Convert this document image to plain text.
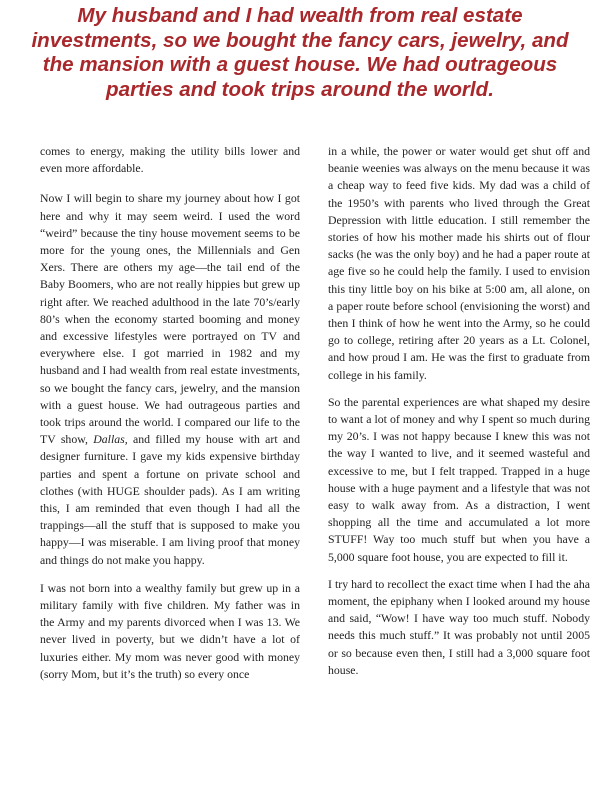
My husband and I had wealth from real estate investments, so we bought the fancy cars, jewelry, and the mansion with a guest house. We had outrageous parties and took trips around the world.

comes to energy, making the utility bills lower and even more affordable.

Now I will begin to share my journey about how I got here and why it may seem weird. I used the word “weird” because the tiny house movement seems to be more for the young ones, the Millennials and Gen Xers. There are others my age—the tail end of the Baby Boomers, who are not really hippies but grew up right after. We reached adulthood in the late 70’s/early 80’s when the economy started booming and money and excessive lifestyles were portrayed on TV and everywhere else. I got married in 1982 and my husband and I had wealth from real estate investments, so we bought the fancy cars, jewelry, and the mansion with a guest house. We had outrageous parties and took trips around the world. I compared our life to the TV show, Dallas, and filled my house with art and designer furniture. I gave my kids expensive birthday parties and spent a fortune on private school and clothes (with HUGE shoulder pads). As I am writing this, I am reminded that even though I had all the trappings—all the stuff that is supposed to make you happy—I was miserable. I am living proof that money and things do not make you happy.

I was not born into a wealthy family but grew up in a military family with five children. My father was in the Army and my parents divorced when I was 13. We never lived in poverty, but we didn’t have a lot of luxuries either. My mom was never good with money (sorry Mom, but it’s the truth) so every once

in a while, the power or water would get shut off and beanie weenies was always on the menu because it was a cheap way to feed five kids. My dad was a child of the 1950’s with parents who lived through the Great Depression with little education. I still remember the stories of how his mother made his shirts out of flour sacks (he was the only boy) and he had a paper route at age five so he could help the family. I used to envision this tiny little boy on his bike at 5:00 am, all alone, on a paper route before school (envisioning the worst) and then I think of how he went into the Army, so he could go to college, retiring after 20 years as a Lt. Colonel, and how proud I am. He was the first to graduate from college in his family.

So the parental experiences are what shaped my desire to want a lot of money and why I spent so much during my 20’s. I was not happy because I knew this was not the way I wanted to live, and it seemed wasteful and excessive to me, but I felt trapped. Trapped in a huge house with a huge payment and a lifestyle that was not easy to walk away from. As a distraction, I went shopping all the time and accumulated a lot more STUFF! Way too much stuff but when you have a 5,000 square foot house, you are expected to fill it.

I try hard to recollect the exact time when I had the aha moment, the epiphany when I looked around my house and said, “Wow! I have way too much stuff. Nobody needs this much stuff.” It was probably not until 2005 or so because even then, I still had a 3,000 square foot house.
